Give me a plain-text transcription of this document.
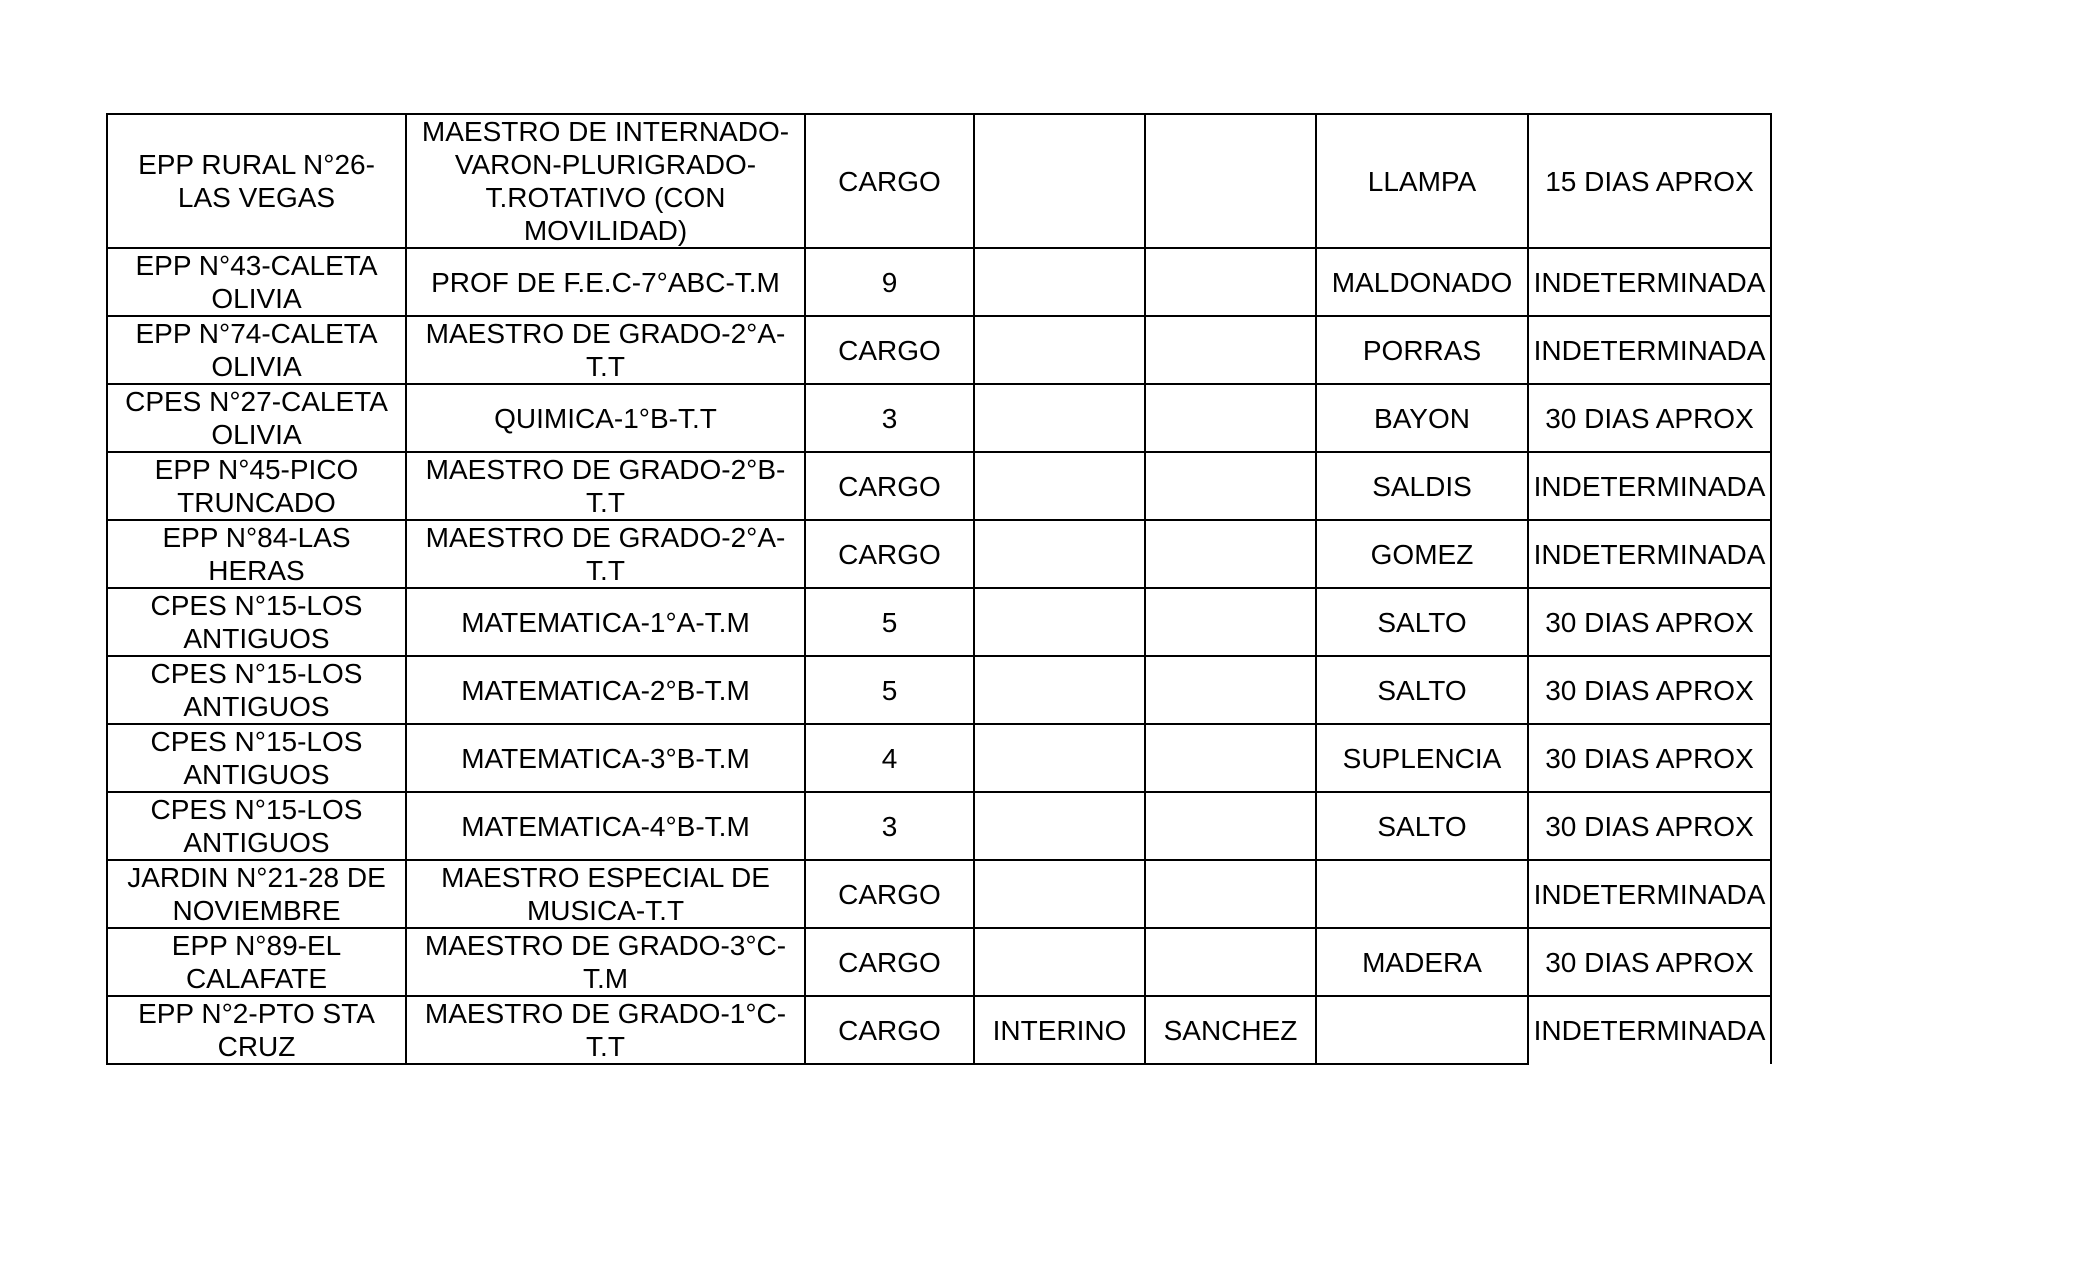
EPP RURAL N°26-LAS VEGAS	MAESTRO DE INTERNADO-VARON-PLURIGRADO-T.ROTATIVO (CON MOVILIDAD)	CARGO			LLAMPA	15 DIAS APROX
EPP N°43-CALETA OLIVIA	PROF DE F.E.C-7°ABC-T.M	9			MALDONADO	INDETERMINADA
EPP N°74-CALETA OLIVIA	MAESTRO DE GRADO-2°A-T.T	CARGO			PORRAS	INDETERMINADA
CPES N°27-CALETA OLIVIA	QUIMICA-1°B-T.T	3			BAYON	30 DIAS APROX
EPP N°45-PICO TRUNCADO	MAESTRO DE GRADO-2°B-T.T	CARGO			SALDIS	INDETERMINADA
EPP N°84-LAS HERAS	MAESTRO DE GRADO-2°A-T.T	CARGO			GOMEZ	INDETERMINADA
CPES N°15-LOS ANTIGUOS	MATEMATICA-1°A-T.M	5			SALTO	30 DIAS APROX
CPES N°15-LOS ANTIGUOS	MATEMATICA-2°B-T.M	5			SALTO	30 DIAS APROX
CPES N°15-LOS ANTIGUOS	MATEMATICA-3°B-T.M	4			SUPLENCIA	30 DIAS APROX
CPES N°15-LOS ANTIGUOS	MATEMATICA-4°B-T.M	3			SALTO	30 DIAS APROX
JARDIN N°21-28 DE NOVIEMBRE	MAESTRO ESPECIAL DE MUSICA-T.T	CARGO				INDETERMINADA
EPP N°89-EL CALAFATE	MAESTRO DE GRADO-3°C-T.M	CARGO			MADERA	30 DIAS APROX
EPP N°2-PTO STA CRUZ	MAESTRO DE GRADO-1°C-T.T	CARGO	INTERINO	SANCHEZ		INDETERMINADA
